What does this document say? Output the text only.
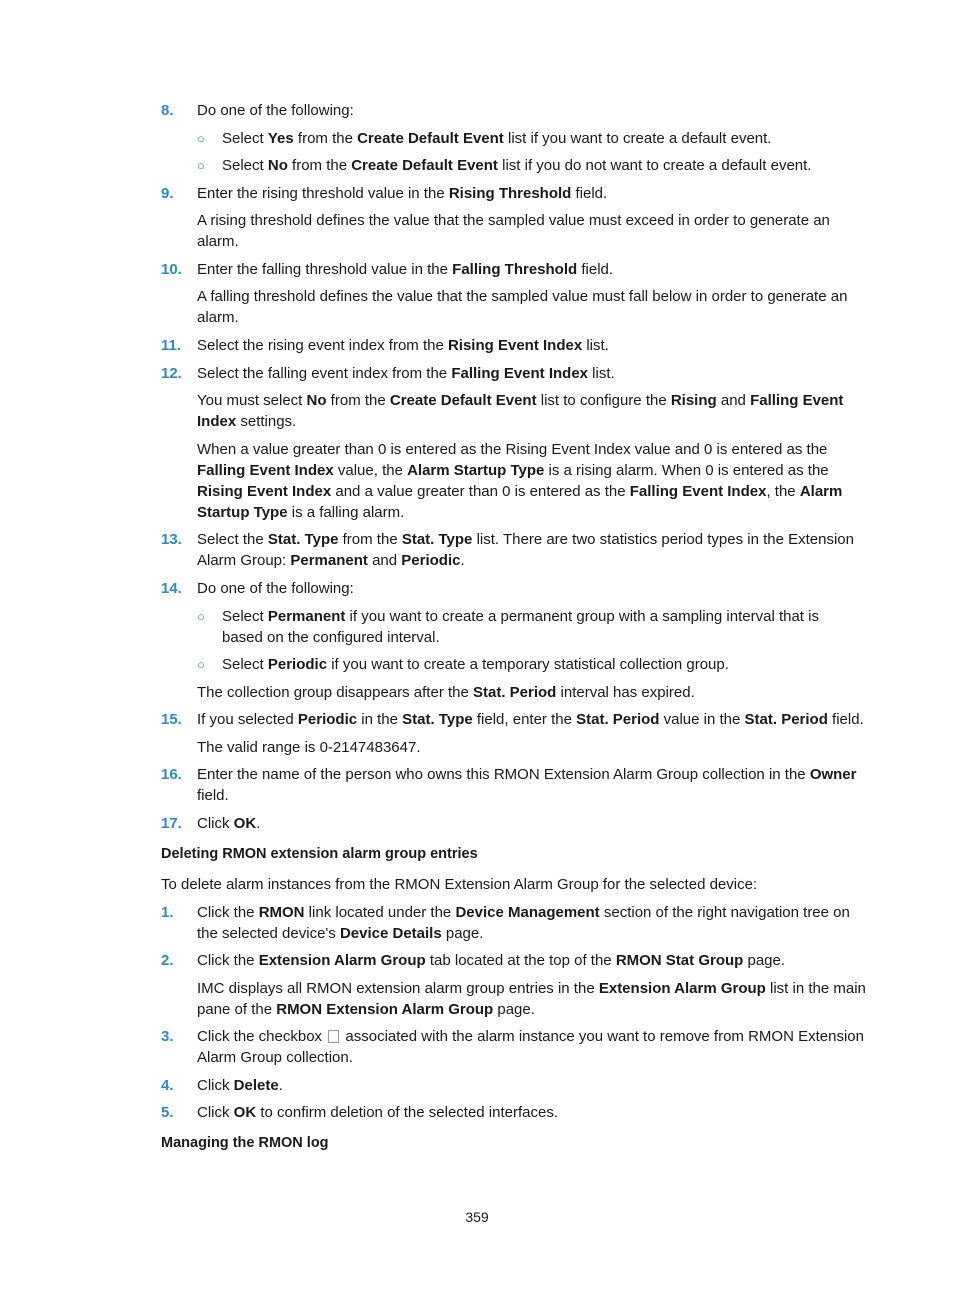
8.	Do one of the following:

○	Select Yes from the Create Default Event list if you want to create a default event.

○	Select No from the Create Default Event list if you do not want to create a default event.

9.	Enter the rising threshold value in the Rising Threshold field.

A rising threshold defines the value that the sampled value must exceed in order to generate an alarm.

10.	Enter the falling threshold value in the Falling Threshold field.

A falling threshold defines the value that the sampled value must fall below in order to generate an alarm.

11.	Select the rising event index from the Rising Event Index list.

12.	Select the falling event index from the Falling Event Index list.

You must select No from the Create Default Event list to configure the Rising and Falling Event Index settings.

When a value greater than 0 is entered as the Rising Event Index value and 0 is entered as the Falling Event Index value, the Alarm Startup Type is a rising alarm. When 0 is entered as the Rising Event Index and a value greater than 0 is entered as the Falling Event Index, the Alarm Startup Type is a falling alarm.

13.	Select the Stat. Type from the Stat. Type list. There are two statistics period types in the Extension Alarm Group: Permanent and Periodic.

14.	Do one of the following:

○	Select Permanent if you want to create a permanent group with a sampling interval that is based on the configured interval.

○	Select Periodic if you want to create a temporary statistical collection group.

The collection group disappears after the Stat. Period interval has expired.

15.	If you selected Periodic in the Stat. Type field, enter the Stat. Period value in the Stat. Period field.

The valid range is 0-2147483647.

16.	Enter the name of the person who owns this RMON Extension Alarm Group collection in the Owner field.

17.	Click OK.

Deleting RMON extension alarm group entries

To delete alarm instances from the RMON Extension Alarm Group for the selected device:

1.	Click the RMON link located under the Device Management section of the right navigation tree on the selected device's Device Details page.

2.	Click the Extension Alarm Group tab located at the top of the RMON Stat Group page.

IMC displays all RMON extension alarm group entries in the Extension Alarm Group list in the main pane of the RMON Extension Alarm Group page.

3.	Click the checkbox  associated with the alarm instance you want to remove from RMON Extension Alarm Group collection.

4.	Click Delete.

5.	Click OK to confirm deletion of the selected interfaces.

Managing the RMON log

359
